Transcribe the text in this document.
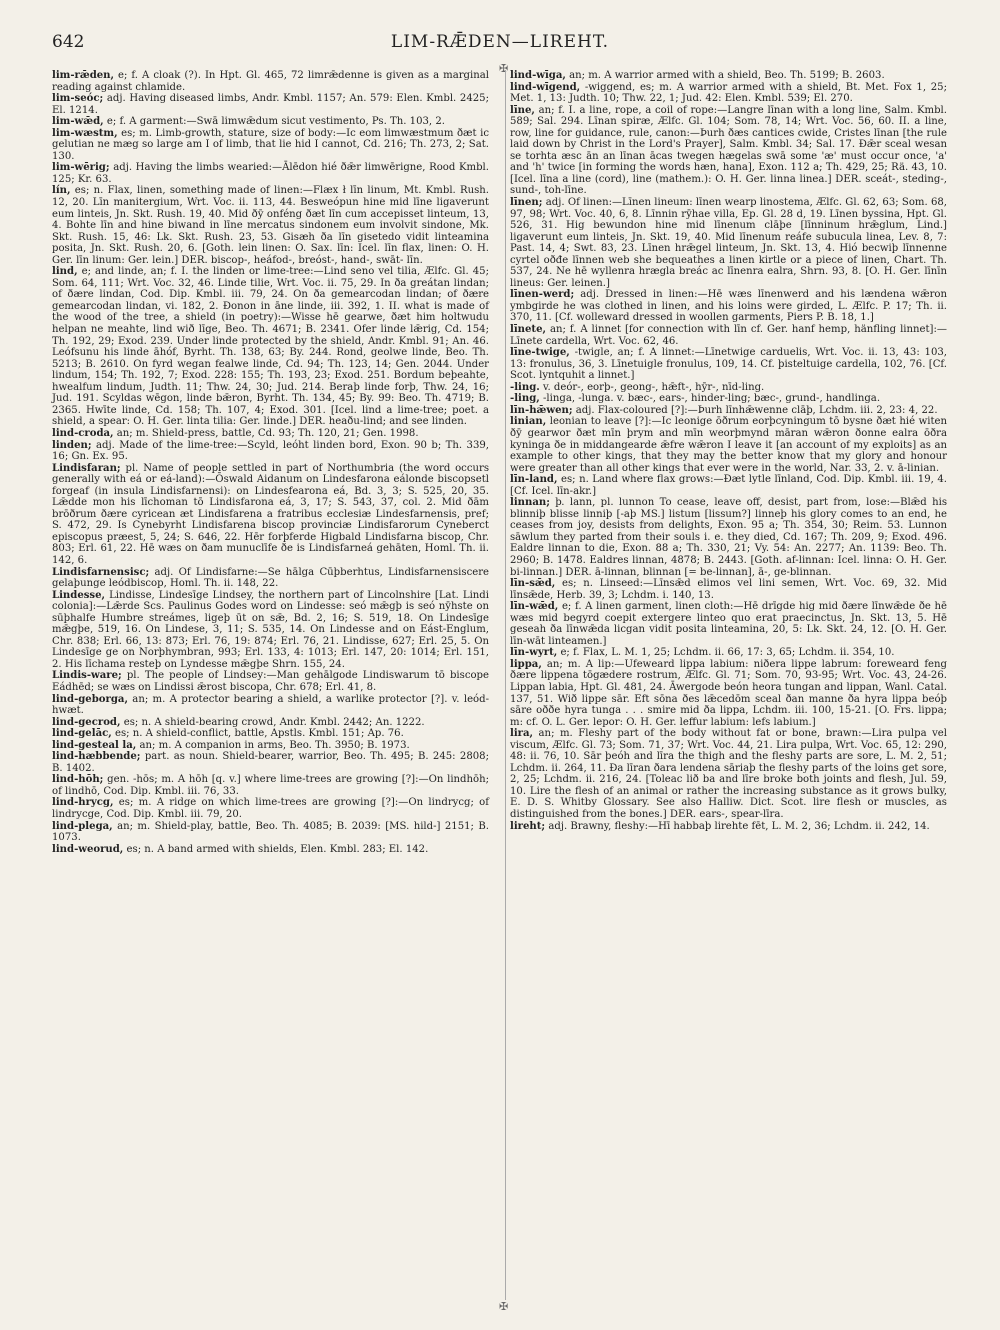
642	LIM-RǢDEN—LIREHT.
✠
✠

lim-rǣden, e; f. A cloak (?). In Hpt. Gl. 465, 72 limrǣdenne is given as a marginal reading against chlamide.

lim-seóc; adj. Having diseased limbs, Andr. Kmbl. 1157; An. 579: Elen. Kmbl. 2425; El. 1214.

lim-wǣd, e; f. A garment:—Swā limwǣdum sicut vestimento, Ps. Th. 103, 2.

lim-wæstm, es; m. Limb-growth, stature, size of body:—Ic eom limwæstmum ðæt ic gelutian ne mæg so large am I of limb, that lie hid I cannot, Cd. 216; Th. 273, 2; Sat. 130.

lim-wērig; adj. Having the limbs wearied:—Ālēdon hié ðǣr limwērigne, Rood Kmbl. 125; Kr. 63.

lín, es; n. Flax, linen, something made of linen:—Flæx ł līn linum, Mt. Kmbl. Rush. 12, 20. Līn manitergium, Wrt. Voc. ii. 113, 44. Besweópun hine mid līne ligaverunt eum linteis, Jn. Skt. Rush. 19, 40. Mid ðȳ onféng ðæt līn cum accepisset linteum, 13, 4. Bohte līn and hine biwand in līne mercatus sindonem eum involvit sindone, Mk. Skt. Rush. 15, 46: Lk. Skt. Rush. 23, 53. Gisæh ða līn gisetedo vidit linteamina posita, Jn. Skt. Rush. 20, 6. [Goth. lein linen: O. Sax. līn: Icel. līn flax, linen: O. H. Ger. līn linum: Ger. lein.] DER. biscop-, heáfod-, breóst-, hand-, swāt- līn.

lind, e; and linde, an; f. I. the linden or lime-tree:—Lind seno vel tilia, Ælfc. Gl. 45; Som. 64, 111; Wrt. Voc. 32, 46. Linde tilie, Wrt. Voc. ii. 75, 29. In ða greátan lindan; of ðære lindan, Cod. Dip. Kmbl. iii. 79, 24. On ða gemearcodan lindan; of ðære gemearcodan lindan, vi. 182, 2. Ðonon in āne linde, iii. 392, 1. II. what is made of the wood of the tree, a shield (in poetry):—Wisse hē gearwe, ðæt him holtwudu helpan ne meahte, lind wið līge, Beo. Th. 4671; B. 2341. Ofer linde lǣrig, Cd. 154; Th. 192, 29; Exod. 239. Under linde protected by the shield, Andr. Kmbl. 91; An. 46. Leófsunu his linde āhóf, Byrht. Th. 138, 63; By. 244. Rond, geolwe linde, Beo. Th. 5213; B. 2610. On fyrd wegan fealwe linde, Cd. 94; Th. 123, 14; Gen. 2044. Under lindum, 154; Th. 192, 7; Exod. 228: 155; Th. 193, 23; Exod. 251. Bordum beþeahte, hwealfum lindum, Judth. 11; Thw. 24, 30; Jud. 214. Beraþ linde forþ, Thw. 24, 16; Jud. 191. Scyldas wēgon, linde bǣron, Byrht. Th. 134, 45; By. 99: Beo. Th. 4719; B. 2365. Hwīte linde, Cd. 158; Th. 107, 4; Exod. 301. [Icel. lind a lime-tree; poet. a shield, a spear: O. H. Ger. linta tilia: Ger. linde.] DER. heaðu-lind; and see linden.

lind-croda, an; m. Shield-press, battle, Cd. 93; Th. 120, 21; Gen. 1998.

linden; adj. Made of the lime-tree:—Scyld, leóht linden bord, Exon. 90 b; Th. 339, 16; Gn. Ex. 95.

Lindisfaran; pl. Name of people settled in part of Northumbria (the word occurs generally with eá or eá-land):—Ōswald Aidanum on Lindesfarona eálonde biscopsetl forgeaf (in insula Lindisfarnensi): on Lindesfearona eá, Bd. 3, 3; S. 525, 20, 35. Lǣdde mon his līchoman tō Lindisfarona eá, 3, 17; S. 543, 37, col. 2. Mid ðām brōðrum ðære cyricean æt Lindisfarena a fratribus ecclesiæ Lindesfarnensis, pref; S. 472, 29. Is Cynebyrht Lindisfarena biscop provinciæ Lindisfarorum Cyneberct episcopus præest, 5, 24; S. 646, 22. Hēr forþferde Higbald Lindisfarna biscop, Chr. 803; Erl. 61, 22. Hē wæs on ðam munuclīfe ðe is Lindisfarneá gehāten, Homl. Th. ii. 142, 6.

Lindisfarnensisc; adj. Of Lindisfarne:—Se hālga Cūþberhtus, Lindisfarnensiscere gelaþunge leódbiscop, Homl. Th. ii. 148, 22.

Lindesse, Lindisse, Lindesīge Lindsey, the northern part of Lincolnshire [Lat. Lindi colonia]:—Lǣrde Scs. Paulinus Godes word on Lindesse: seó mǣgþ is seó nȳhste on sūþhalfe Humbre streámes, ligeþ ūt on sǣ, Bd. 2, 16; S. 519, 18. On Lindesīge mǣgþe, 519, 16. On Lindese, 3, 11; S. 535, 14. On Lindesse and on Eást-Englum, Chr. 838; Erl. 66, 13: 873; Erl. 76, 19: 874; Erl. 76, 21. Lindisse, 627; Erl. 25, 5. On Lindesīge ge on Norþhymbran, 993; Erl. 133, 4: 1013; Erl. 147, 20: 1014; Erl. 151, 2. His līchama resteþ on Lyndesse mǣgþe Shrn. 155, 24.

Lindis-ware; pl. The people of Lindsey:—Man gehālgode Lindiswarum tō biscope Eádhēd; se wæs on Lindissi ǣrost biscopa, Chr. 678; Erl. 41, 8.

lind-geborga, an; m. A protector bearing a shield, a warlike protector [?]. v. leód-hwæt.

lind-gecrod, es; n. A shield-bearing crowd, Andr. Kmbl. 2442; An. 1222.

lind-gelāc, es; n. A shield-conflict, battle, Apstls. Kmbl. 151; Ap. 76.

lind-gesteal la, an; m. A companion in arms, Beo. Th. 3950; B. 1973.

lind-hæbbende; part. as noun. Shield-bearer, warrior, Beo. Th. 495; B. 245: 2808; B. 1402.

lind-hōh; gen. -hōs; m. A hōh [q. v.] where lime-trees are growing [?]:—On lindhōh; of lindhō, Cod. Dip. Kmbl. iii. 76, 33.

lind-hrycg, es; m. A ridge on which lime-trees are growing [?]:—On lindrycg; of lindrycge, Cod. Dip. Kmbl. iii. 79, 20.

lind-plega, an; m. Shield-play, battle, Beo. Th. 4085; B. 2039: [MS. hild-] 2151; B. 1073.

lind-weorud, es; n. A band armed with shields, Elen. Kmbl. 283; El. 142.

lind-wīga, an; m. A warrior armed with a shield, Beo. Th. 5199; B. 2603.

lind-wīgend, -wiggend, es; m. A warrior armed with a shield, Bt. Met. Fox 1, 25; Met. 1, 13: Judth. 10; Thw. 22, 1; Jud. 42: Elen. Kmbl. 539; El. 270.

līne, an; f. I. a line, rope, a coil of rope:—Langre līnan with a long line, Salm. Kmbl. 589; Sal. 294. Līnan spiræ, Ælfc. Gl. 104; Som. 78, 14; Wrt. Voc. 56, 60. II. a line, row, line for guidance, rule, canon:—Þurh ðæs cantices cwide, Cristes līnan [the rule laid down by Christ in the Lord's Prayer], Salm. Kmbl. 34; Sal. 17. Ðǣr sceal wesan se torhta æsc ān an līnan ācas twegen hægelas swā some 'æ' must occur once, 'a' and 'h' twice [in forming the words hæn, hana], Exon. 112 a; Th. 429, 25; Rä. 43, 10. [Icel. līna a line (cord), line (mathem.): O. H. Ger. linna linea.] DER. sceát-, steding-, sund-, toh-līne.

līnen; adj. Of linen:—Līnen lineum: līnen wearp linostema, Ælfc. Gl. 62, 63; Som. 68, 97, 98; Wrt. Voc. 40, 6, 8. Līnnin rȳhae villa, Ep. Gl. 28 d, 19. Līnen byssina, Hpt. Gl. 526, 31. Hig bewundon hine mid līnenum clāþe [līnninum hrǣglum, Lind.] ligaverunt eum linteis, Jn. Skt. 19, 40. Mid līnenum reáfe subucula linea, Lev. 8, 7: Past. 14, 4; Swt. 83, 23. Līnen hrǣgel linteum, Jn. Skt. 13, 4. Hió becwiþ līnnenne cyrtel oðđe līnnen web she bequeathes a linen kirtle or a piece of linen, Chart. Th. 537, 24. Ne hē wyllenra hrægla breác ac līnenra ealra, Shrn. 93, 8. [O. H. Ger. līnīn lineus: Ger. leinen.]

līnen-werd; adj. Dressed in linen:—Hē wæs līnenwerd and his lændena wǣron ymbgirde he was clothed in linen, and his loins were girded, L. Ælfc. P. 17; Th. ii. 370, 11. [Cf. wolleward dressed in woollen garments, Piers P. B. 18, 1.]

līnete, an; f. A linnet [for connection with līn cf. Ger. hanf hemp, hänfling linnet]:—Līnete cardella, Wrt. Voc. 62, 46.

līne-twige, -twigle, an; f. A linnet:—Līnetwige carduelis, Wrt. Voc. ii. 13, 43: 103, 13: fronulus, 36, 3. Līnetuigle fronulus, 109, 14. Cf. þisteltuige cardella, 102, 76. [Cf. Scot. lyntquhit a linnet.]

-ling. v. deór-, eorþ-, geong-, hǣft-, hȳr-, nīd-ling.

-ling, -linga, -lunga. v. bæc-, ears-, hinder-ling; bæc-, grund-, handlinga.

līn-hǣwen; adj. Flax-coloured [?]:—Þurh līnhǣwenne clāþ, Lchdm. iii. 2, 23: 4, 22.

linian, leonian to leave [?]:—Ic leonige ōðrum eorþcyningum tō bysne ðæt hié witen ðȳ gearwor ðæt mīn þrym and mīn weorþmynd māran wǣron ðonne ealra ōðra kyninga ðe in middangearde ǣfre wǣron I leave it [an account of my exploits] as an example to other kings, that they may the better know that my glory and honour were greater than all other kings that ever were in the world, Nar. 33, 2. v. ā-linian.

līn-land, es; n. Land where flax grows:—Ðæt lytle līnland, Cod. Dip. Kmbl. iii. 19, 4. [Cf. Icel. līn-akr.]

linnan; þ. lann, pl. lunnon To cease, leave off, desist, part from, lose:—Blǣd his blinniþ blisse linniþ [-aþ MS.] listum [lissum?] linneþ his glory comes to an end, he ceases from joy, desists from delights, Exon. 95 a; Th. 354, 30; Reim. 53. Lunnon sāwlum they parted from their souls i. e. they died, Cd. 167; Th. 209, 9; Exod. 496. Ealdre linnan to die, Exon. 88 a; Th. 330, 21; Vy. 54: An. 2277; An. 1139: Beo. Th. 2960; B. 1478. Ealdres linnan, 4878; B. 2443. [Goth. af-linnan: Icel. linna: O. H. Ger. bi-linnan.] DER. ā-linnan, blinnan [= be-linnan], ā-, ge-blinnan.

līn-sǣd, es; n. Linseed:—Līnsǣd elimos vel lini semen, Wrt. Voc. 69, 32. Mid līnsǣde, Herb. 39, 3; Lchdm. i. 140, 13.

līn-wǣd, e; f. A linen garment, linen cloth:—Hē drīgde hig mid ðære līnwǣde ðe hē wæs mid begyrd coepit extergere linteo quo erat praecinctus, Jn. Skt. 13, 5. Hē geseah ða līnwǣda licgan vidit posita linteamina, 20, 5: Lk. Skt. 24, 12. [O. H. Ger. līn-wāt linteamen.]

līn-wyrt, e; f. Flax, L. M. 1, 25; Lchdm. ii. 66, 17: 3, 65; Lchdm. ii. 354, 10.

lippa, an; m. A lip:—Ufeweard lippa labium: niðera lippe labrum: foreweard feng ðære lippena tōgædere rostrum, Ælfc. Gl. 71; Som. 70, 93-95; Wrt. Voc. 43, 24-26. Lippan labia, Hpt. Gl. 481, 24. Āwergode beón heora tungan and lippan, Wanl. Catal. 137, 51. Wið lippe sār. Eft sōna ðes lǣcedōm sceal ðan manne ða hyra lippa beóþ sāre oððe hyra tunga . . . smire mid ða lippa, Lchdm. iii. 100, 15-21. [O. Frs. lippa; m: cf. O. L. Ger. lepor: O. H. Ger. leffur labium: lefs labium.]

lira, an; m. Fleshy part of the body without fat or bone, brawn:—Lira pulpa vel viscum, Ælfc. Gl. 73; Som. 71, 37; Wrt. Voc. 44, 21. Lira pulpa, Wrt. Voc. 65, 12: 290, 48: ii. 76, 10. Sār þeóh and līra the thigh and the fleshy parts are sore, L. M. 2, 51; Lchdm. ii. 264, 11. Ða līran ðara lendena sāriaþ the fleshy parts of the loins get sore, 2, 25; Lchdm. ii. 216, 24. [Toleac lið ba and līre broke both joints and flesh, Jul. 59, 10. Lire the flesh of an animal or rather the increasing substance as it grows bulky, E. D. S. Whitby Glossary. See also Halliw. Dict. Scot. lire flesh or muscles, as distinguished from the bones.] DER. ears-, spear-līra.

lireht; adj. Brawny, fleshy:—Hī habbaþ lirehte fēt, L. M. 2, 36; Lchdm. ii. 242, 14.
